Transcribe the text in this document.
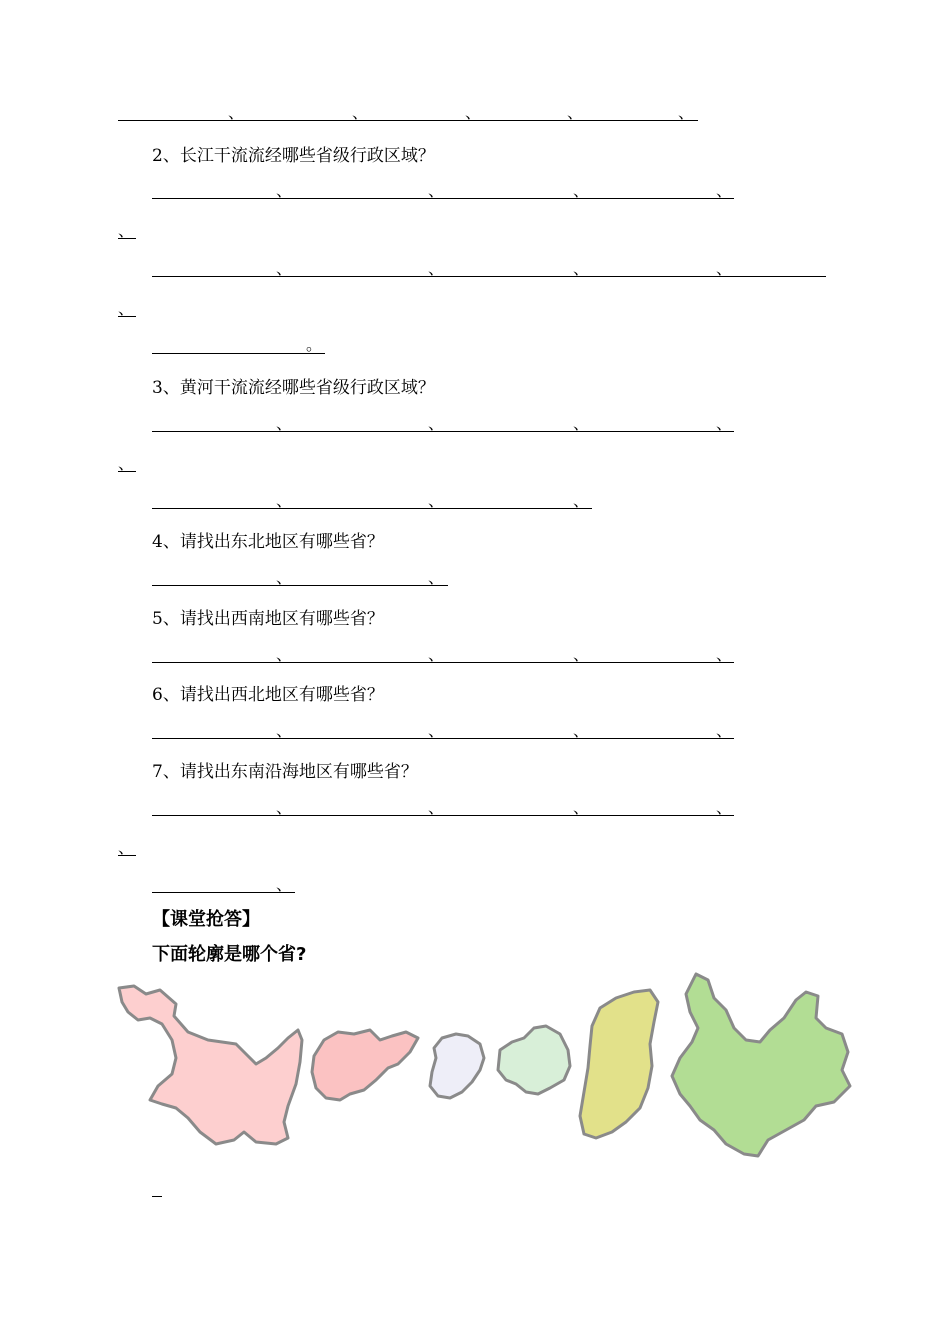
、	、	、	、	、
2、长江干流流经哪些省级行政区域？
、	、	、	、
、
、	、	、	、
、
。
3、黄河干流流经哪些省级行政区域？
、	、	、	、
、
、	、	、
4、请找出东北地区有哪些省？
、	、
5、请找出西南地区有哪些省？
、	、	、	、
6、请找出西北地区有哪些省？
、	、	、	、
7、请找出东南沿海地区有哪些省？
、	、	、	、
、
、
【课堂抢答】
下面轮廓是哪个省?
